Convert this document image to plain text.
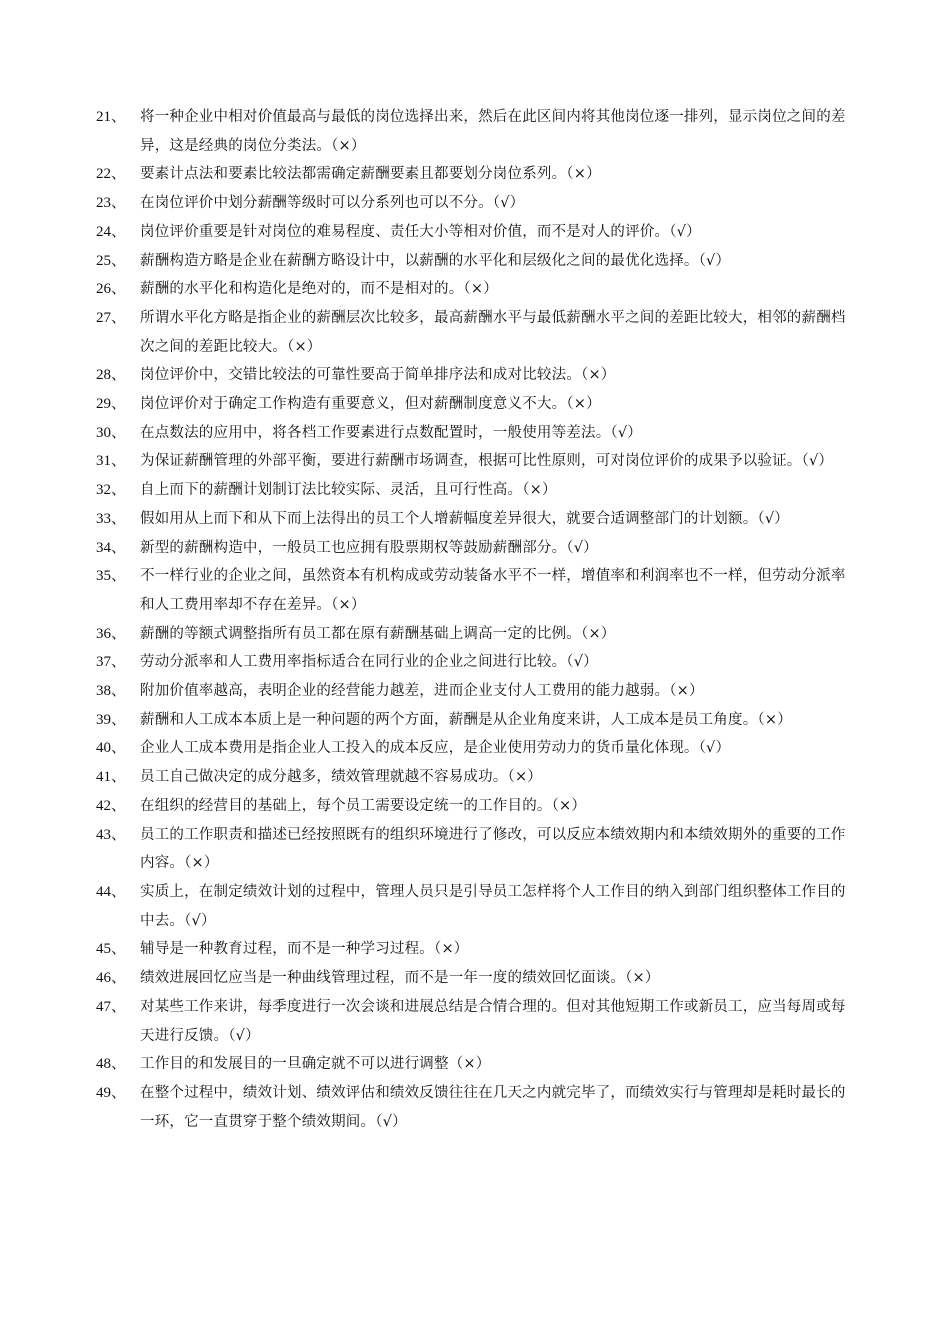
21、 将一种企业中相对价值最高与最低的岗位选择出来，然后在此区间内将其他岗位逐一排列，显示岗位之间的差异，这是经典的岗位分类法。（×）
22、 要素计点法和要素比较法都需确定薪酬要素且都要划分岗位系列。（×）
23、 在岗位评价中划分薪酬等级时可以分系列也可以不分。（√）
24、 岗位评价重要是针对岗位的难易程度、责任大小等相对价值，而不是对人的评价。（√）
25、 薪酬构造方略是企业在薪酬方略设计中，以薪酬的水平化和层级化之间的最优化选择。（√）
26、 薪酬的水平化和构造化是绝对的，而不是相对的。（×）
27、 所谓水平化方略是指企业的薪酬层次比较多，最高薪酬水平与最低薪酬水平之间的差距比较大，相邻的薪酬档次之间的差距比较大。（×）
28、 岗位评价中，交错比较法的可靠性要高于简单排序法和成对比较法。（×）
29、 岗位评价对于确定工作构造有重要意义，但对薪酬制度意义不大。（×）
30、 在点数法的应用中，将各档工作要素进行点数配置时，一般使用等差法。（√）
31、 为保证薪酬管理的外部平衡，要进行薪酬市场调查，根据可比性原则，可对岗位评价的成果予以验证。（√）
32、 自上而下的薪酬计划制订法比较实际、灵活，且可行性高。（×）
33、 假如用从上而下和从下而上法得出的员工个人增薪幅度差异很大，就要合适调整部门的计划额。（√）
34、 新型的薪酬构造中，一般员工也应拥有股票期权等鼓励薪酬部分。（√）
35、 不一样行业的企业之间，虽然资本有机构成或劳动装备水平不一样，增值率和利润率也不一样，但劳动分派率和人工费用率却不存在差异。（×）
36、 薪酬的等额式调整指所有员工都在原有薪酬基础上调高一定的比例。（×）
37、 劳动分派率和人工费用率指标适合在同行业的企业之间进行比较。（√）
38、 附加价值率越高，表明企业的经营能力越差，进而企业支付人工费用的能力越弱。（×）
39、 薪酬和人工成本本质上是一种问题的两个方面，薪酬是从企业角度来讲，人工成本是员工角度。（×）
40、 企业人工成本费用是指企业人工投入的成本反应，是企业使用劳动力的货币量化体现。（√）
41、 员工自己做决定的成分越多，绩效管理就越不容易成功。（×）
42、 在组织的经营目的基础上，每个员工需要设定统一的工作目的。（×）
43、 员工的工作职责和描述已经按照既有的组织环境进行了修改，可以反应本绩效期内和本绩效期外的重要的工作内容。（×）
44、 实质上，在制定绩效计划的过程中，管理人员只是引导员工怎样将个人工作目的纳入到部门组织整体工作目的中去。（√）
45、 辅导是一种教育过程，而不是一种学习过程。（×）
46、 绩效进展回忆应当是一种曲线管理过程，而不是一年一度的绩效回忆面谈。（×）
47、 对某些工作来讲，每季度进行一次会谈和进展总结是合情合理的。但对其他短期工作或新员工，应当每周或每天进行反馈。（√）
48、 工作目的和发展目的一旦确定就不可以进行调整（×）
49、 在整个过程中，绩效计划、绩效评估和绩效反馈往往在几天之内就完毕了，而绩效实行与管理却是耗时最长的一环，它一直贯穿于整个绩效期间。（√）
